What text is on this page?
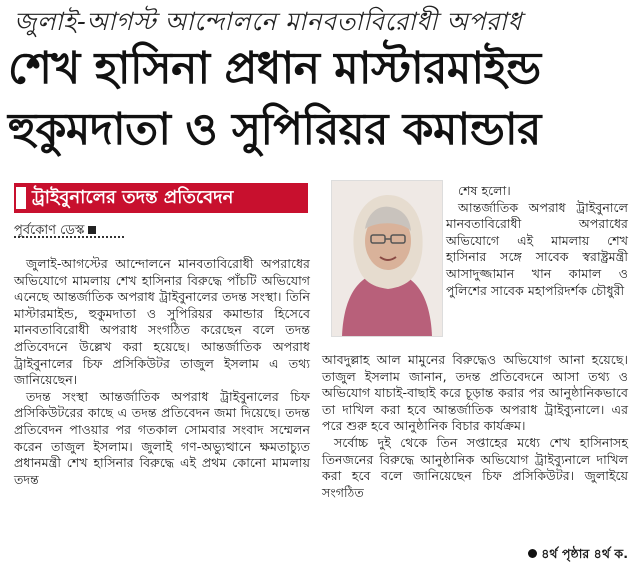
জুলাই-আগস্ট আন্দোলনে মানবতাবিরোধী অপরাধ
শেখ হাসিনা প্রধান মাস্টারমাইন্ড
হুকুমদাতা ও সুপিরিয়র কমান্ডার
ট্রাইবুনালের তদন্ত প্রতিবেদন
পূর্বকোণ ডেস্ক

জুলাই-আগস্টের আন্দোলনে মানবতাবিরোধী অপরাধের অভিযোগে মামলায় শেখ হাসিনার বিরুদ্ধে পাঁচটি অভিযোগ এনেছে আন্তর্জাতিক অপরাধ ট্রাইবুনালের তদন্ত সংস্থা। তিনি মাস্টারমাইন্ড, হুকুমদাতা ও সুপিরিয়র কমান্ডার হিসেবে মানবতাবিরোধী অপরাধ সংগঠিত করেছেন বলে তদন্ত প্রতিবেদনে উল্লেখ করা হয়েছে। আন্তর্জাতিক অপরাধ ট্রাইবুনালের চিফ প্রসিকিউটর তাজুল ইসলাম এ তথ্য জানিয়েছেন।

তদন্ত সংস্থা আন্তর্জাতিক অপরাধ ট্রাইবুনালের চিফ প্রসিকিউটরের কাছে এ তদন্ত প্রতিবেদন জমা দিয়েছে। তদন্ত প্রতিবেদন পাওয়ার পর গতকাল সোমবার সংবাদ সম্মেলন করেন তাজুল ইসলাম। জুলাই গণ-অভ্যুত্থানে ক্ষমতাচ্যুত প্রধানমন্ত্রী শেখ হাসিনার বিরুদ্ধে এই প্রথম কোনো মামলায় তদন্ত

শেষ হলো।

আন্তর্জাতিক অপরাধ ট্রাইবুনালে মানবতাবিরোধী অপরাধের অভিযোগে এই মামলায় শেখ হাসিনার সঙ্গে সাবেক স্বরাষ্ট্রমন্ত্রী আসাদুজ্জামান খান কামাল ও পুলিশের সাবেক মহাপরিদর্শক চৌধুরী

আবদুল্লাহ আল মামুনের বিরুদ্ধেও অভিযোগ আনা হয়েছে। তাজুল ইসলাম জানান, তদন্ত প্রতিবেদনে আসা তথ্য ও অভিযোগ যাচাই-বাছাই করে চূড়ান্ত করার পর আনুষ্ঠানিকভাবে তা দাখিল করা হবে আন্তর্জাতিক অপরাধ ট্রাইব্যুনালে। এর পরে শুরু হবে আনুষ্ঠানিক বিচার কার্যক্রম।

সর্বোচ্চ দুই থেকে তিন সপ্তাহের মধ্যে শেখ হাসিনাসহ তিনজনের বিরুদ্ধে আনুষ্ঠানিক অভিযোগ ট্রাইব্যুনালে দাখিল করা হবে বলে জানিয়েছেন চিফ প্রসিকিউটর। জুলাইয়ে সংগঠিত

৪র্থ পৃষ্ঠার ৪র্থ ক.
